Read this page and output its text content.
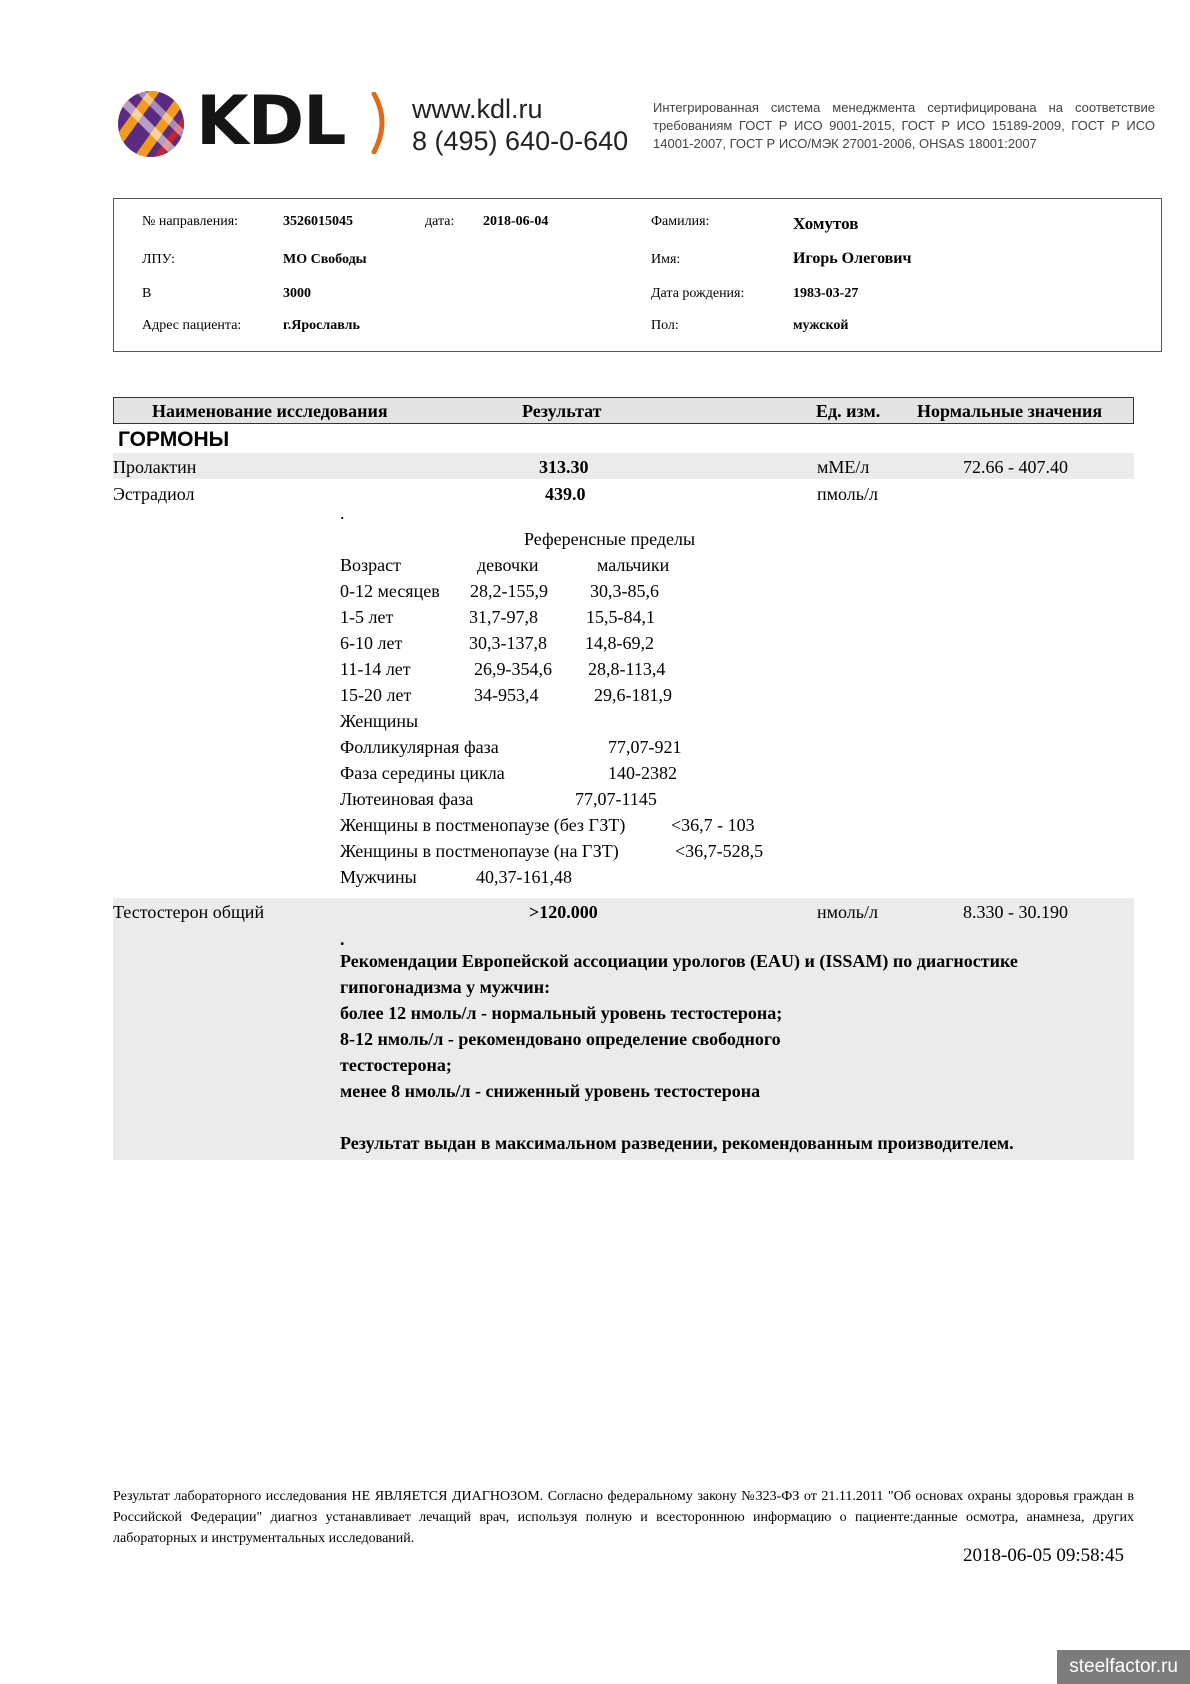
KDL www.kdl.ru
8 (495) 640-0-640
Интегрированная система менеджмента сертифицирована на соответствие требованиям ГОСТ Р ИСО 9001-2015, ГОСТ Р ИСО 15189-2009, ГОСТ Р ИСО 14001-2007, ГОСТ Р ИСО/МЭК 27001-2006, OHSAS 18001:2007
№ направления:	3526015045	дата: 2018-06-04
ЛПУ:	МО Свободы
В	3000
Адрес пациента:	г.Ярославль
Фамилия:	Хомутов
Имя:	Игорь Олегович
Дата рождения:	1983-03-27
Пол:	мужской
Наименование исследования	Результат	Ед. изм. Нормальные значения
ГОРМОНЫ
Пролактин	313.30	мМЕ/л	72.66 - 407.40
Эстрадиол	439.0	пмоль/л
.
Референсные пределы
Возраст	девочки	мальчики
0-12 месяцев 28,2-155,9 30,3-85,6
1-5 лет	31,7-97,8	15,5-84,1
6-10 лет	30,3-137,8 14,8-69,2
11-14 лет	26,9-354,6 28,8-113,4
15-20 лет	34-953,4	29,6-181,9
Женщины
Фолликулярная фаза	77,07-921
Фаза середины цикла	140-2382
Лютеиновая фаза	77,07-1145
Женщины в постменопаузе (без ГЗТ)	<36,7 - 103
Женщины в постменопаузе (на ГЗТ)	<36,7-528,5
Мужчины	40,37-161,48
Тестостерон общий	>120.000	нмоль/л	8.330 - 30.190
.
Рекомендации Европейской ассоциации урологов (EAU) и (ISSAM) по диагностике
гипогонадизма у мужчин:
более 12 нмоль/л - нормальный уровень тестостерона;
8-12 нмоль/л - рекомендовано определение свободного
тестостерона;
менее 8 нмоль/л - сниженный уровень тестостерона
Результат выдан в максимальном разведении, рекомендованным производителем.
Результат лабораторного исследования НЕ ЯВЛЯЕТСЯ ДИАГНОЗОМ. Согласно федеральному закону №323-ФЗ от 21.11.2011 "Об основах охраны здоровья граждан в Российской Федерации" диагноз устанавливает лечащий врач, используя полную и всестороннюю информацию о пациенте:данные осмотра, анамнеза, других лабораторных и инструментальных исследований.
2018-06-05 09:58:45
steelfactor.ru
